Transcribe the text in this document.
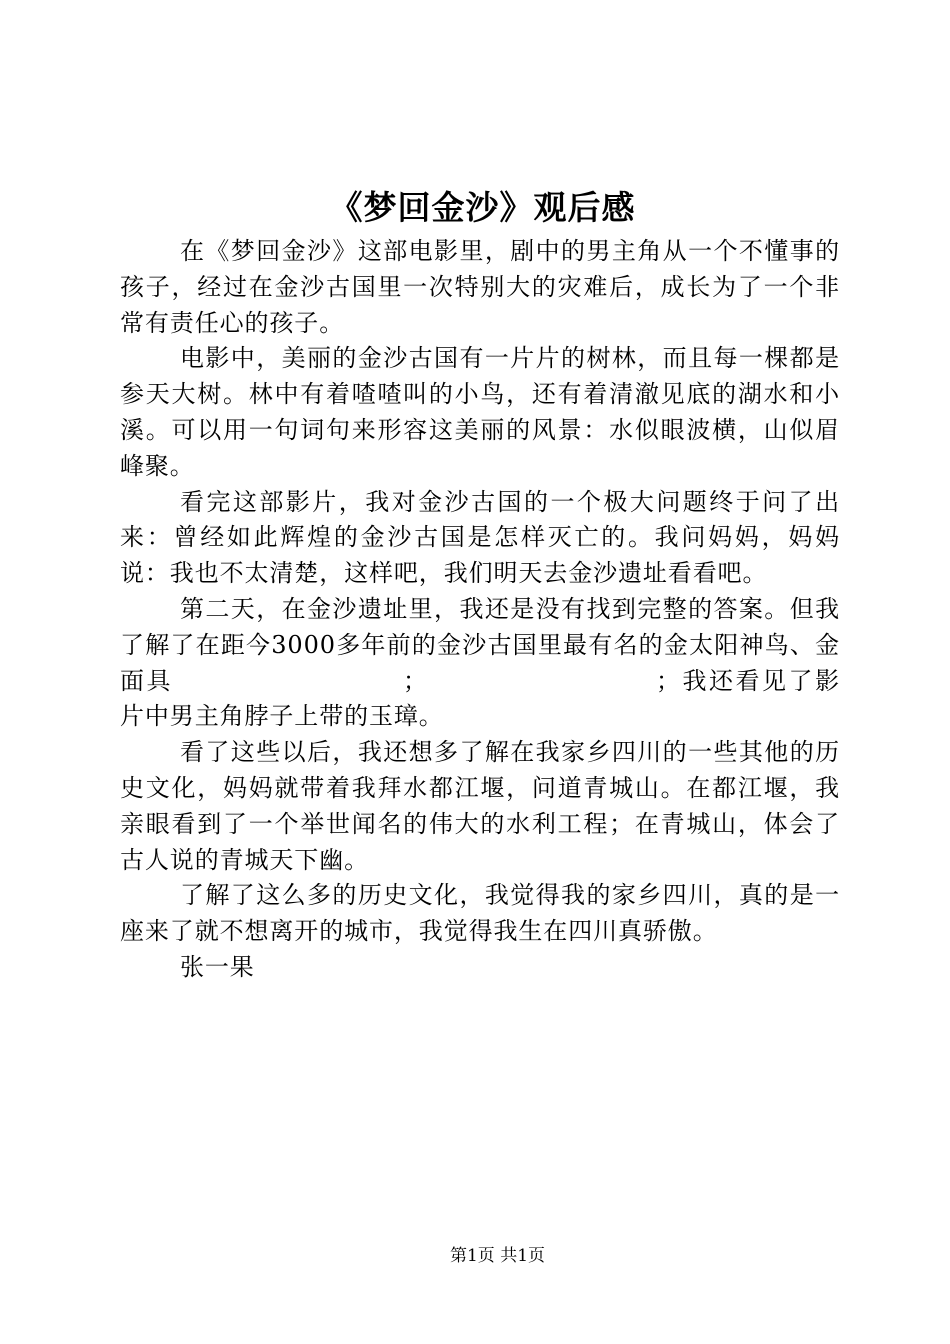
《梦回金沙》观后感

在《梦回金沙》这部电影里，剧中的男主角从一个不懂事的孩子，经过在金沙古国里一次特别大的灾难后，成长为了一个非常有责任心的孩子。

电影中，美丽的金沙古国有一片片的树林，而且每一棵都是参天大树。林中有着喳喳叫的小鸟，还有着清澈见底的湖水和小溪。可以用一句词句来形容这美丽的风景：水似眼波横，山似眉峰聚。

看完这部影片，我对金沙古国的一个极大问题终于问了出来：曾经如此辉煌的金沙古国是怎样灭亡的。我问妈妈，妈妈说：我也不太清楚，这样吧，我们明天去金沙遗址看看吧。

第二天，在金沙遗址里，我还是没有找到完整的答案。但我了解了在距今3000多年前的金沙古国里最有名的金太阳神鸟、金面具	；	；我还看见了影片中男主角脖子上带的玉璋。

看了这些以后，我还想多了解在我家乡四川的一些其他的历史文化，妈妈就带着我拜水都江堰，问道青城山。在都江堰，我亲眼看到了一个举世闻名的伟大的水利工程；在青城山，体会了古人说的青城天下幽。

了解了这么多的历史文化，我觉得我的家乡四川，真的是一座来了就不想离开的城市，我觉得我生在四川真骄傲。

张一果

第1页 共1页
